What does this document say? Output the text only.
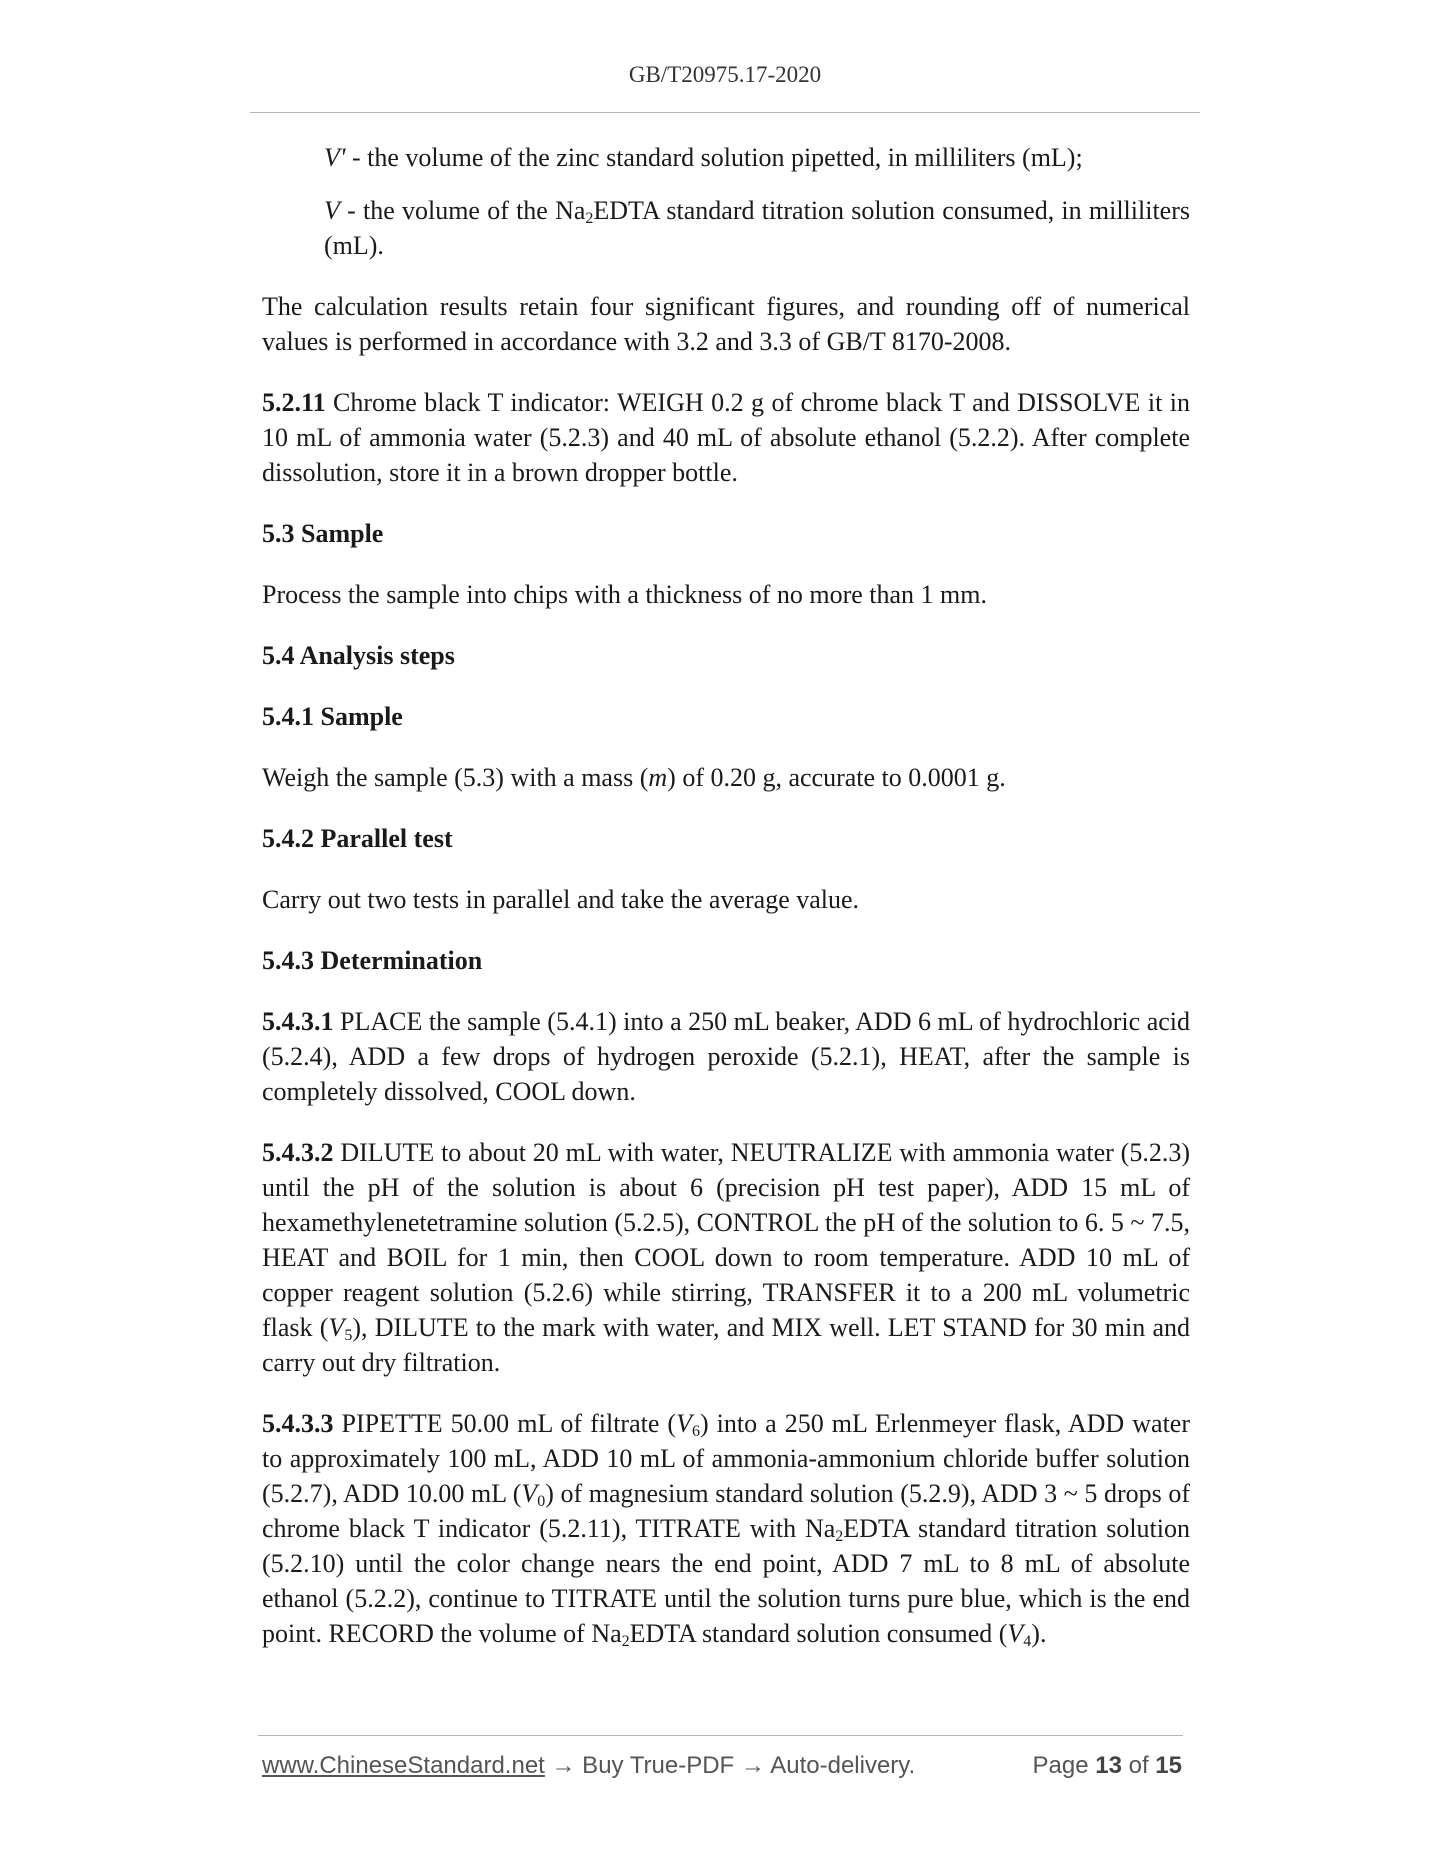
GB/T20975.17-2020

V' - the volume of the zinc standard solution pipetted, in milliliters (mL);

V - the volume of the $Na_2EDTA$ standard titration solution consumed, in milliliters (mL).

The calculation results retain four significant figures, and rounding off of numerical values is performed in accordance with 3.2 and 3.3 of GB/T 8170-2008.

5.2.11 Chrome black T indicator: WEIGH 0.2 g of chrome black T and DISSOLVE it in 10 mL of ammonia water (5.2.3) and 40 mL of absolute ethanol (5.2.2). After complete dissolution, store it in a brown dropper bottle.

5.3 Sample

Process the sample into chips with a thickness of no more than 1 mm.

5.4 Analysis steps

5.4.1 Sample

Weigh the sample (5.3) with a mass (m) of 0.20 g, accurate to 0.0001 g.

5.4.2 Parallel test

Carry out two tests in parallel and take the average value.

5.4.3 Determination

5.4.3.1 PLACE the sample (5.4.1) into a 250 mL beaker, ADD 6 mL of hydrochloric acid (5.2.4), ADD a few drops of hydrogen peroxide (5.2.1), HEAT, after the sample is completely dissolved, COOL down.

5.4.3.2 DILUTE to about 20 mL with water, NEUTRALIZE with ammonia water (5.2.3) until the pH of the solution is about 6 (precision pH test paper), ADD 15 mL of hexamethylenetetramine solution (5.2.5), CONTROL the pH of the solution to 6. 5 ~ 7.5, HEAT and BOIL for 1 min, then COOL down to room temperature. ADD 10 mL of copper reagent solution (5.2.6) while stirring, TRANSFER it to a 200 mL volumetric flask $(V_5)$, DILUTE to the mark with water, and MIX well. LET STAND for 30 min and carry out dry filtration.

5.4.3.3 PIPETTE 50.00 mL of filtrate $(V_6)$ into a 250 mL Erlenmeyer flask, ADD water to approximately 100 mL, ADD 10 mL of ammonia-ammonium chloride buffer solution (5.2.7), ADD 10.00 mL $(V_0)$ of magnesium standard solution (5.2.9), ADD 3 ~ 5 drops of chrome black T indicator (5.2.11), TITRATE with $Na_2EDTA$ standard titration solution (5.2.10) until the color change nears the end point, ADD 7 mL to 8 mL of absolute ethanol (5.2.2), continue to TITRATE until the solution turns pure blue, which is the end point. RECORD the volume of $Na_2EDTA$ standard solution consumed $(V_4)$.

www.ChineseStandard.net → Buy True-PDF → Auto-delivery.	Page 13 of 15
